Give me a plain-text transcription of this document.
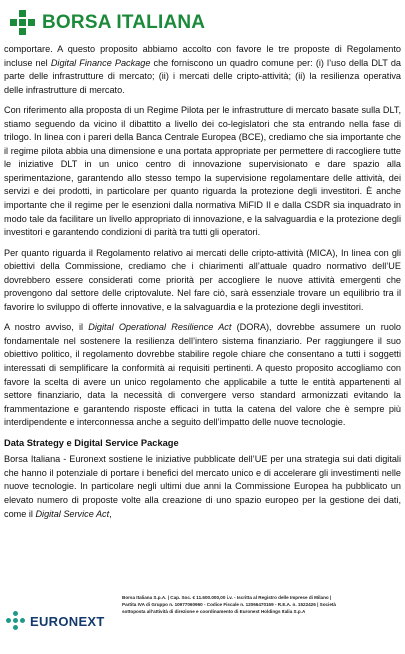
BORSA ITALIANA

comportare. A questo proposito abbiamo accolto con favore le tre proposte di Regolamento incluse nel Digital Finance Package che forniscono un quadro comune per: (i) l’uso della DLT da parte delle infrastrutture di mercato; (ii) i mercati delle cripto-attività; (ii) la resilienza operativa delle infrastrutture di mercato.

Con riferimento alla proposta di un Regime Pilota per le infrastrutture di mercato basate sulla DLT, stiamo seguendo da vicino il dibattito a livello dei co-legislatori che sta entrando nella fase di trilogo. In linea con i pareri della Banca Centrale Europea (BCE), crediamo che sia importante che il regime pilota abbia una dimensione e una portata appropriate per permettere di raccogliere tutte le iniziative DLT in un unico centro di innovazione supervisionato e dare spazio alla sperimentazione, garantendo allo stesso tempo la supervisione regolamentare delle attività, dei servizi e dei prodotti, in particolare per quanto riguarda la protezione degli investitori. È anche importante che il regime per le esenzioni dalla normativa MiFID II e dalla CSDR sia inquadrato in modo tale da facilitare un livello appropriato di innovazione, e la salvaguardia e la protezione degli investitori e garantendo condizioni di parità tra tutti gli operatori.

Per quanto riguarda il Regolamento relativo ai mercati delle cripto-attività (MICA), In linea con gli obiettivi della Commissione, crediamo che i chiarimenti all’attuale quadro normativo dell’UE dovrebbero essere considerati come priorità per accogliere le nuove attività emergenti che provengono dal settore delle criptovalute. Nel fare ciò, sarà essenziale trovare un equilibrio tra il favorire lo sviluppo di offerte innovative, e la salvaguardia e la protezione degli investitori.

A nostro avviso, il Digital Operational Resilience Act (DORA), dovrebbe assumere un ruolo fondamentale nel sostenere la resilienza dell’intero sistema finanziario. Per raggiungere il suo obiettivo politico, il regolamento dovrebbe stabilire regole chiare che consentano a tutti i soggetti interessati di semplificare la conformità ai requisiti pertinenti. A questo proposito accogliamo con favore la scelta di avere un unico regolamento che applicabile a tutte le entità appartenenti al settore finanziario, data la necessità di convergere verso standard armonizzati evitando la frammentazione e garantendo risposte efficaci in tutta la catena del valore che è sempre più interdipendente e interconnessa anche a seguito dell’impatto delle nuove tecnologie.

Data Strategy e Digital Service Package

Borsa Italiana - Euronext sostiene le iniziative pubblicate dell’UE per una strategia sui dati digitali che hanno il potenziale di portare i benefici del mercato unico e di accelerare gli investimenti nelle nuove tecnologie. In particolare negli ultimi due anni la Commissione Europea ha pubblicato un elevato numero di proposte volte alla creazione di uno spazio europeo per la gestione dei dati, come il Digital Service Act,

EURONEXT
Borsa Italiana S.p.A. | Cap. Soc. € 11.600.000,00 i.v. - Iscritta al Registro delle Imprese di Milano |
Partita IVA di Gruppo n. 10977060960 - Codice Fiscale n. 12066470159 - R.E.A. n. 1522426 | Società
sottoposta all’attività di direzione e coordinamento di Euronext Holdings Italia S.p.A
